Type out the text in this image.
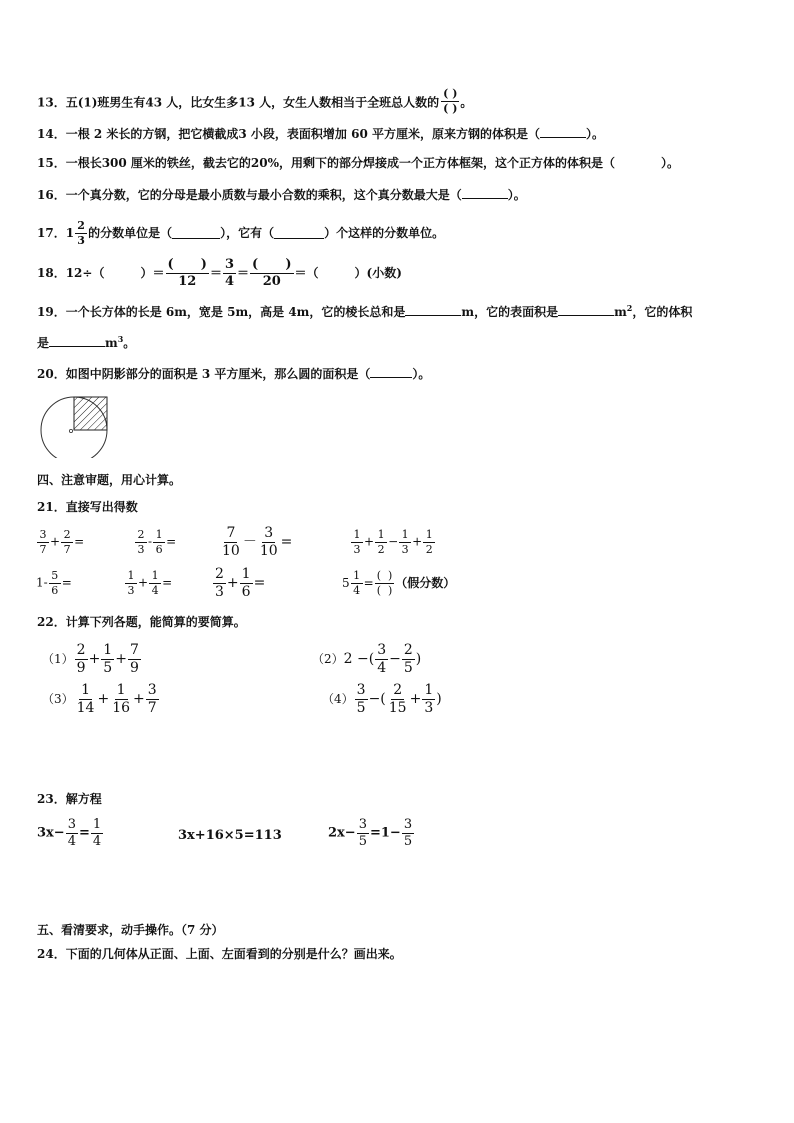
13．五(1)班男生有43 人，比女生多13 人，女生人数相当于全班总人数的 $\frac{( )}{( )}$ 。
14．一根 2 米长的方钢，把它横截成3 小段，表面积增加 60 平方厘米，原来方钢的体积是（	）。
15．一根长300 厘米的铁丝，截去它的20%，用剩下的部分焊接成一个正方体框架，这个正方体的体积是（	）。
16．一个真分数，它的分母是最小质数与最小合数的乘积，这个真分数最大是（	）。
17．$1 \frac{2}{3}$ 的分数单位是（	），它有（	）个这样的分数单位。
18．12÷（	）＝ $\frac{( )}{12} = \frac{3}{4} = \frac{( )}{20}$ ＝（	）(小数)
19．一个长方体的长是 6m，宽是 5m，高是 4m，它的棱长总和是	m，它的表面积是	$m^2$，它的体积
是	$m^3$。
20．如图中阴影部分的面积是 3 平方厘米，那么圆的面积是（	）。
四、注意审题，用心计算。
21．直接写出得数
$\frac{3}{7} + \frac{2}{7}$ =	$\frac{2}{3} - \frac{1}{6}$ =	$\frac{7}{10} - \frac{3}{10}$ =	$\frac{1}{3} + \frac{1}{2} - \frac{1}{3} + \frac{1}{2}$
$1- \frac{5}{6}$ =	$\frac{1}{3} + \frac{1}{4}$ =	$\frac{2}{3} + \frac{1}{6}$ =	$5 \frac{1}{4} = \frac{( )}{( )}$ （假分数）
22．计算下列各题，能简算的要简算。
$(1) \frac{2}{9} + \frac{1}{5} + \frac{7}{9}$	（2）2 −( $\frac{3}{4} - \frac{2}{5}$ )
$(3) \frac{1}{14} + \frac{1}{16} + \frac{3}{7}$	$(4) \frac{3}{5}$ −( $\frac{2}{15} + \frac{1}{3}$ )
23．解方程
$3x- \frac{3}{4} = \frac{1}{4}$	3x+16×5=113	$2x- \frac{3}{5} =1- \frac{3}{5}$
五、看清要求，动手操作。（7 分）
24．下面的几何体从正面、上面、左面看到的分别是什么？画出来。
